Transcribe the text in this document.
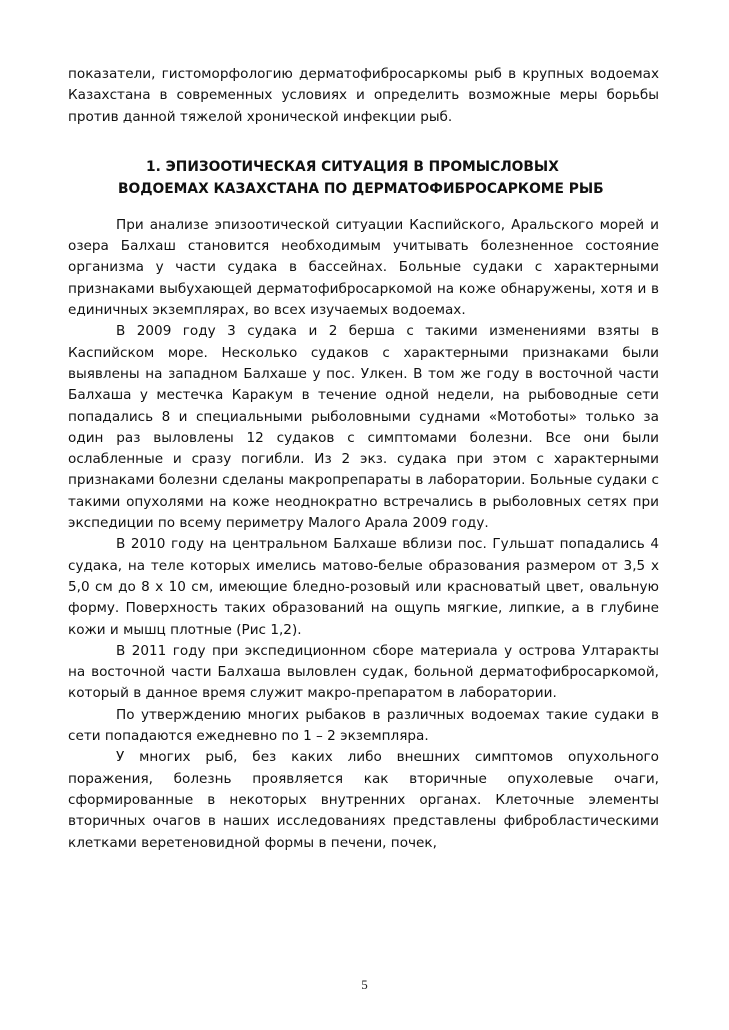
показатели, гистоморфологию дерматофибросаркомы рыб в крупных водоемах Казахстана в современных условиях и определить возможные меры борьбы против данной тяжелой хронической инфекции рыб.

1. ЭПИЗООТИЧЕСКАЯ СИТУАЦИЯ В ПРОМЫСЛОВЫХ
ВОДОЕМАХ КАЗАХСТАНА ПО ДЕРМАТОФИБРОСАРКОМЕ РЫБ

При анализе эпизоотической ситуации Каспийского, Аральского морей и озера Балхаш становится необходимым учитывать болезненное состояние организма у части судака в бассейнах. Больные судаки с характерными признаками выбухающей дерматофибросаркомой на коже обнаружены, хотя и в единичных экземплярах, во всех изучаемых водоемах.

В 2009 году 3 судака и 2 берша с такими изменениями взяты в Каспийском море. Несколько судаков с характерными признаками были выявлены на западном Балхаше у пос. Улкен. В том же году в восточной части Балхаша у местечка Каракум в течение одной недели, на рыбоводные сети попадались 8 и специальными рыболовными суднами «Мотоботы» только за один раз выловлены 12 судаков с симптомами болезни. Все они были ослабленные и сразу погибли. Из 2 экз. судака при этом с характерными признаками болезни сделаны макропрепараты в лаборатории. Больные судаки с такими опухолями на коже неоднократно встречались в рыболовных сетях при экспедиции по всему периметру Малого Арала 2009 году.

В 2010 году на центральном Балхаше вблизи пос. Гульшат попадались 4 судака, на теле которых имелись матово-белые образования размером от 3,5 х 5,0 см до 8 х 10 см, имеющие бледно-розовый или красноватый цвет, овальную форму. Поверхность таких образований на ощупь мягкие, липкие, а в глубине кожи и мышц плотные (Рис 1,2).

В 2011 году при экспедиционном сборе материала у острова Ултаракты на восточной части Балхаша выловлен судак, больной дерматофибросаркомой, который в данное время служит макро-препаратом в лаборатории.

По утверждению многих рыбаков в различных водоемах такие судаки в сети попадаются ежедневно по 1 – 2 экземпляра.

У многих рыб, без каких либо внешних симптомов опухольного поражения, болезнь проявляется как вторичные опухолевые очаги, сформированные в некоторых внутренних органах. Клеточные элементы вторичных очагов в наших исследованиях представлены фибробластическими клетками веретеновидной формы в печени, почек,

5
